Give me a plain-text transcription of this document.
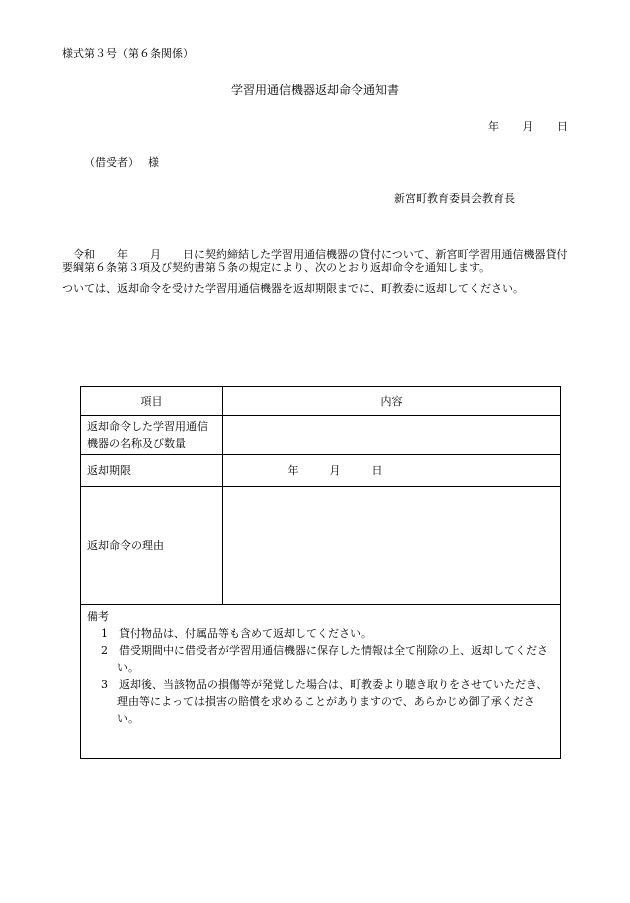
様式第３号（第６条関係）
学習用通信機器返却命令通知書
年 月 日
（借受者）　 様
新宮町教育委員会教育長

令和　　年　　月　　日に契約締結した学習用通信機器の貸付について、新宮町学習用通信機器貸付要綱第６条第３項及び契約書第５条の規定により、次のとおり返却命令を通知します。

ついては、返却命令を受けた学習用通信機器を返却期限までに、町教委に返却してください。

項目	内容
返却命令した学習用通信機器の名称及び数量	
返却期限	年 月 日
返却命令の理由	

備考
1　貸付物品は、付属品等も含めて返却してください。
2　借受期間中に借受者が学習用通信機器に保存した情報は全て削除の上、返却してください。
3　返却後、当該物品の損傷等が発覚した場合は、町教委より聴き取りをさせていただき、理由等によっては損害の賠償を求めることがありますので、あらかじめ御了承ください。	
